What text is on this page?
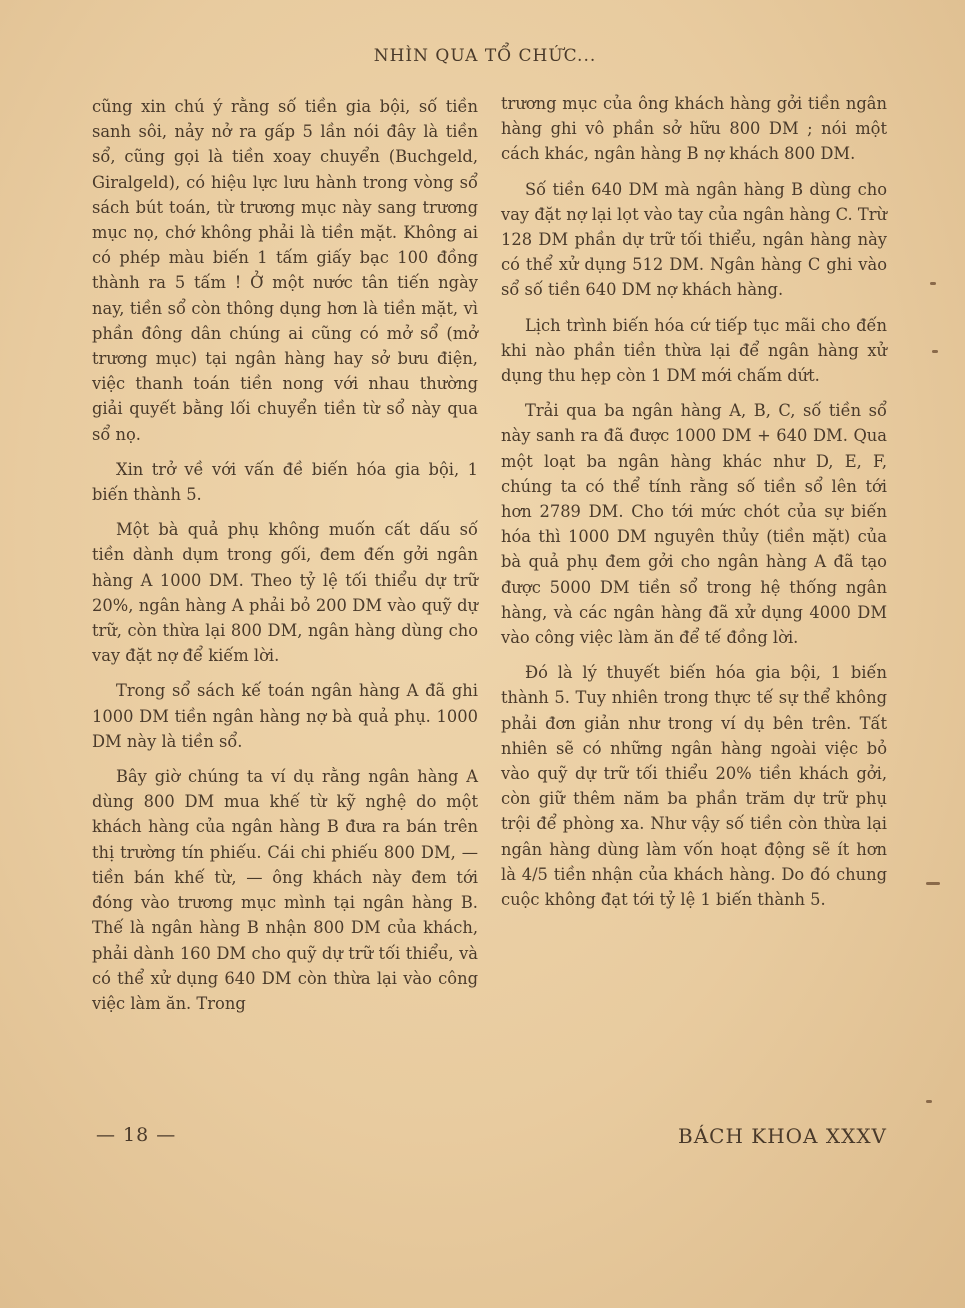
NHÌN QUA TỔ CHỨC...

cũng xin chú ý rằng số tiền gia bội, số tiền sanh sôi, nảy nở ra gấp 5 lần nói đây là tiền sổ, cũng gọi là tiền xoay chuyển (Buchgeld, Giralgeld), có hiệu lực lưu hành trong vòng sổ sách bút toán, từ trương mục này sang trương mục nọ, chớ không phải là tiền mặt. Không ai có phép màu biến 1 tấm giấy bạc 100 đồng thành ra 5 tấm ! Ở một nước tân tiến ngày nay, tiền sổ còn thông dụng hơn là tiền mặt, vì phần đông dân chúng ai cũng có mở sổ (mở trương mục) tại ngân hàng hay sở bưu điện, việc thanh toán tiền nong với nhau thường giải quyết bằng lối chuyển tiền từ sổ này qua sổ nọ.

Xin trở về với vấn đề biến hóa gia bội, 1 biến thành 5.

Một bà quả phụ không muốn cất dấu số tiền dành dụm trong gối, đem đến gởi ngân hàng A 1000 DM. Theo tỷ lệ tối thiểu dự trữ 20%, ngân hàng A phải bỏ 200 DM vào quỹ dự trữ, còn thừa lại 800 DM, ngân hàng dùng cho vay đặt nợ để kiếm lời.

Trong sổ sách kế toán ngân hàng A đã ghi 1000 DM tiền ngân hàng nợ bà quả phụ. 1000 DM này là tiền sổ.

Bây giờ chúng ta ví dụ rằng ngân hàng A dùng 800 DM mua khế từ kỹ nghệ do một khách hàng của ngân hàng B đưa ra bán trên thị trường tín phiếu. Cái chi phiếu 800 DM, — tiền bán khế từ, — ông khách này đem tới đóng vào trương mục mình tại ngân hàng B. Thế là ngân hàng B nhận 800 DM của khách, phải dành 160 DM cho quỹ dự trữ tối thiểu, và có thể xử dụng 640 DM còn thừa lại vào công việc làm ăn. Trong

trương mục của ông khách hàng gởi tiền ngân hàng ghi vô phần sở hữu 800 DM ; nói một cách khác, ngân hàng B nợ khách 800 DM.

Số tiền 640 DM mà ngân hàng B dùng cho vay đặt nợ lại lọt vào tay của ngân hàng C. Trừ 128 DM phần dự trữ tối thiểu, ngân hàng này có thể xử dụng 512 DM. Ngân hàng C ghi vào sổ số tiền 640 DM nợ khách hàng.

Lịch trình biến hóa cứ tiếp tục mãi cho đến khi nào phần tiền thừa lại để ngân hàng xử dụng thu hẹp còn 1 DM mới chấm dứt.

Trải qua ba ngân hàng A, B, C, số tiền sổ này sanh ra đã được 1000 DM + 640 DM. Qua một loạt ba ngân hàng khác như D, E, F, chúng ta có thể tính rằng số tiền sổ lên tới hơn 2789 DM. Cho tới mức chót của sự biến hóa thì 1000 DM nguyên thủy (tiền mặt) của bà quả phụ đem gởi cho ngân hàng A đã tạo được 5000 DM tiền sổ trong hệ thống ngân hàng, và các ngân hàng đã xử dụng 4000 DM vào công việc làm ăn để tế đồng lời.

Đó là lý thuyết biến hóa gia bội, 1 biến thành 5. Tuy nhiên trong thực tế sự thể không phải đơn giản như trong ví dụ bên trên. Tất nhiên sẽ có những ngân hàng ngoài việc bỏ vào quỹ dự trữ tối thiểu 20% tiền khách gởi, còn giữ thêm năm ba phần trăm dự trữ phụ trội để phòng xa. Như vậy số tiền còn thừa lại ngân hàng dùng làm vốn hoạt động sẽ ít hơn là 4/5 tiền nhận của khách hàng. Do đó chung cuộc không đạt tới tỷ lệ 1 biến thành 5.

— 18 —	BÁCH KHOA XXXV
